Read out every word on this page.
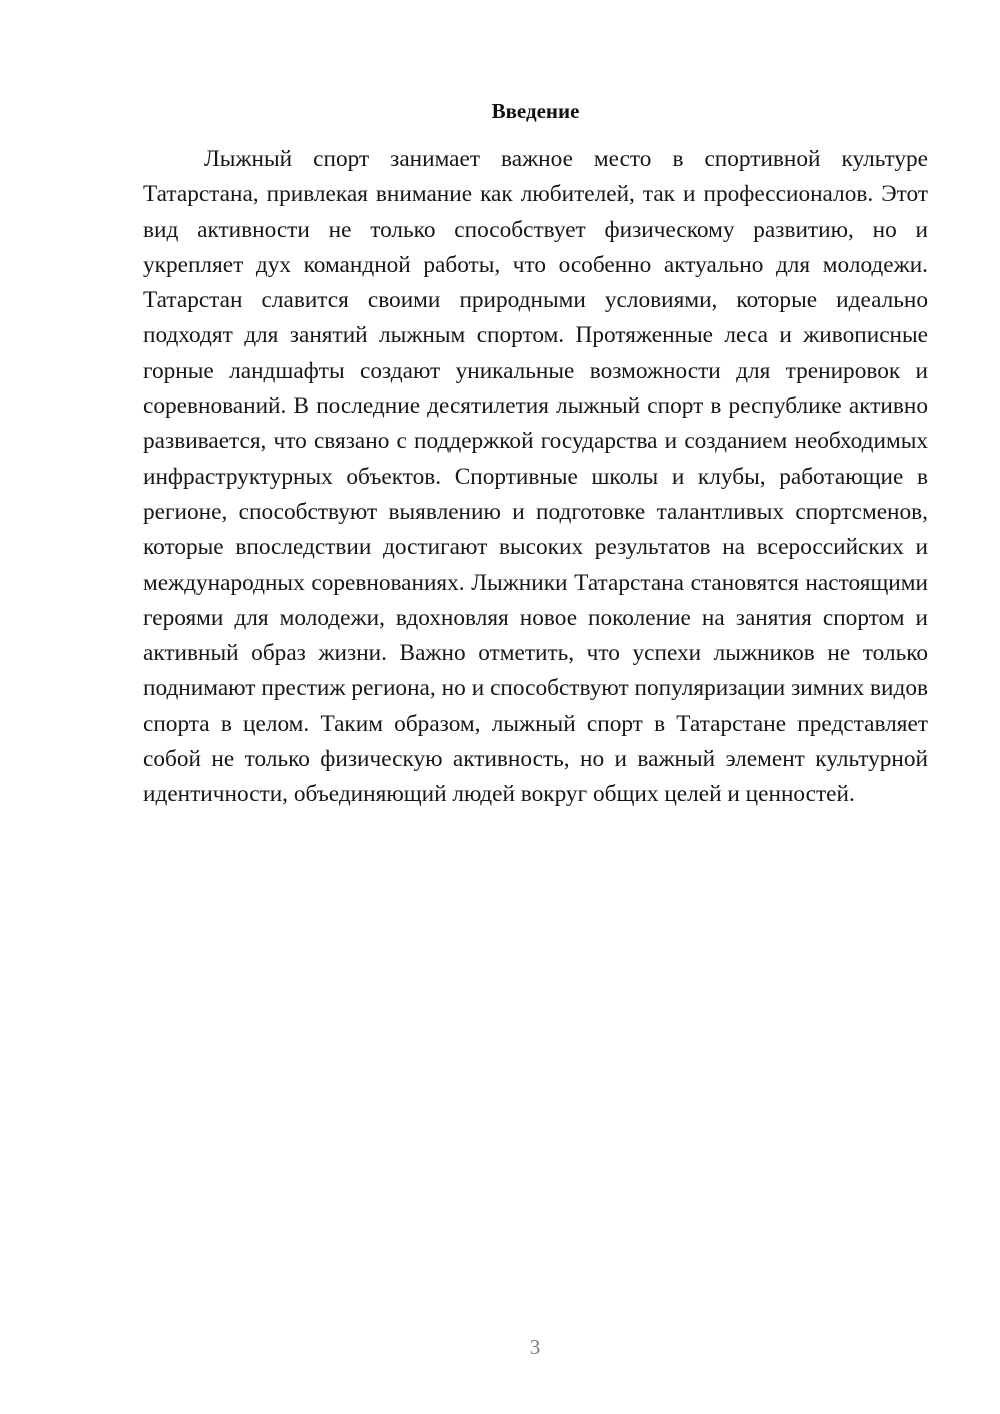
Введение

Лыжный спорт занимает важное место в спортивной культуре Татарстана, привлекая внимание как любителей, так и профессионалов. Этот вид активности не только способствует физическому развитию, но и укрепляет дух командной работы, что особенно актуально для молодежи. Татарстан славится своими природными условиями, которые идеально подходят для занятий лыжным спортом. Протяженные леса и живописные горные ландшафты создают уникальные возможности для тренировок и соревнований. В последние десятилетия лыжный спорт в республике активно развивается, что связано с поддержкой государства и созданием необходимых инфраструктурных объектов. Спортивные школы и клубы, работающие в регионе, способствуют выявлению и подготовке талантливых спортсменов, которые впоследствии достигают высоких результатов на всероссийских и международных соревнованиях. Лыжники Татарстана становятся настоящими героями для молодежи, вдохновляя новое поколение на занятия спортом и активный образ жизни. Важно отметить, что успехи лыжников не только поднимают престиж региона, но и способствуют популяризации зимних видов спорта в целом. Таким образом, лыжный спорт в Татарстане представляет собой не только физическую активность, но и важный элемент культурной идентичности, объединяющий людей вокруг общих целей и ценностей.

3
